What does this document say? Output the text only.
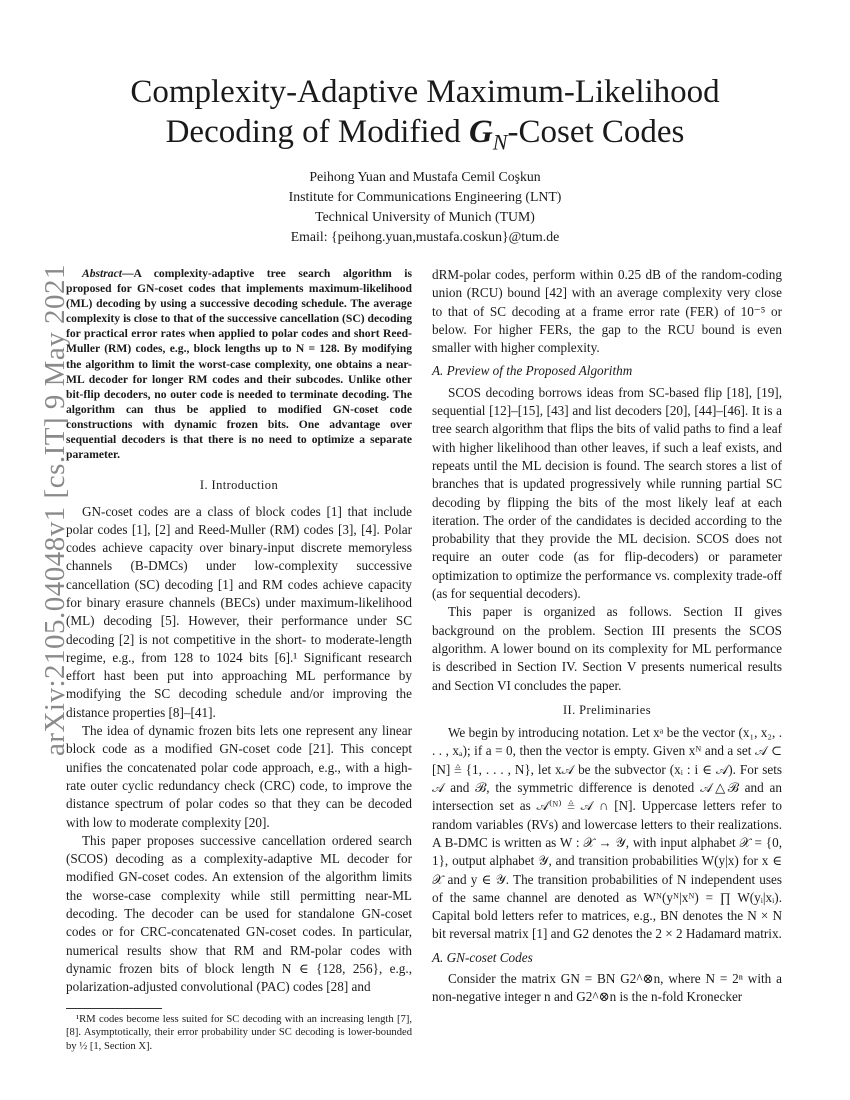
arXiv:2105.04048v1 [cs.IT] 9 May 2021
Complexity-Adaptive Maximum-Likelihood
Decoding of Modified $G_N$-Coset Codes
Peihong Yuan and Mustafa Cemil Coşkun
Institute for Communications Engineering (LNT)
Technical University of Munich (TUM)
Email: {peihong.yuan,mustafa.coskun}@tum.de

Abstract—A complexity-adaptive tree search algorithm is proposed for GN-coset codes that implements maximum-likelihood (ML) decoding by using a successive decoding schedule. The average complexity is close to that of the successive cancellation (SC) decoding for practical error rates when applied to polar codes and short Reed-Muller (RM) codes, e.g., block lengths up to N = 128. By modifying the algorithm to limit the worst-case complexity, one obtains a near-ML decoder for longer RM codes and their subcodes. Unlike other bit-flip decoders, no outer code is needed to terminate decoding. The algorithm can thus be applied to modified GN-coset code constructions with dynamic frozen bits. One advantage over sequential decoders is that there is no need to optimize a separate parameter.

I. Introduction

GN-coset codes are a class of block codes [1] that include polar codes [1], [2] and Reed-Muller (RM) codes [3], [4]. Polar codes achieve capacity over binary-input discrete memoryless channels (B-DMCs) under low-complexity successive cancellation (SC) decoding [1] and RM codes achieve capacity for binary erasure channels (BECs) under maximum-likelihood (ML) decoding [5]. However, their performance under SC decoding [2] is not competitive in the short- to moderate-length regime, e.g., from 128 to 1024 bits [6].¹ Significant research effort hast been put into approaching ML performance by modifying the SC decoding schedule and/or improving the distance properties [8]–[41].

The idea of dynamic frozen bits lets one represent any linear block code as a modified GN-coset code [21]. This concept unifies the concatenated polar code approach, e.g., with a high-rate outer cyclic redundancy check (CRC) code, to improve the distance spectrum of polar codes so that they can be decoded with low to moderate complexity [20].

This paper proposes successive cancellation ordered search (SCOS) decoding as a complexity-adaptive ML decoder for modified GN-coset codes. An extension of the algorithm limits the worse-case complexity while still permitting near-ML decoding. The decoder can be used for standalone GN-coset codes or for CRC-concatenated GN-coset codes. In particular, numerical results show that RM and RM-polar codes with dynamic frozen bits of block length N ∈ {128, 256}, e.g., polarization-adjusted convolutional (PAC) codes [28] and

¹RM codes become less suited for SC decoding with an increasing length [7], [8]. Asymptotically, their error probability under SC decoding is lower-bounded by ½ [1, Section X].

dRM-polar codes, perform within 0.25 dB of the random-coding union (RCU) bound [42] with an average complexity very close to that of SC decoding at a frame error rate (FER) of 10⁻⁵ or below. For higher FERs, the gap to the RCU bound is even smaller with higher complexity.

A. Preview of the Proposed Algorithm

SCOS decoding borrows ideas from SC-based flip [18], [19], sequential [12]–[15], [43] and list decoders [20], [44]–[46]. It is a tree search algorithm that flips the bits of valid paths to find a leaf with higher likelihood than other leaves, if such a leaf exists, and repeats until the ML decision is found. The search stores a list of branches that is updated progressively while running partial SC decoding by flipping the bits of the most likely leaf at each iteration. The order of the candidates is decided according to the probability that they provide the ML decision. SCOS does not require an outer code (as for flip-decoders) or parameter optimization to optimize the performance vs. complexity trade-off (as for sequential decoders).

This paper is organized as follows. Section II gives background on the problem. Section III presents the SCOS algorithm. A lower bound on its complexity for ML performance is described in Section IV. Section V presents numerical results and Section VI concludes the paper.

II. Preliminaries

We begin by introducing notation. Let xᵃ be the vector (x₁, x₂, . . . , xₐ); if a = 0, then the vector is empty. Given xᴺ and a set 𝒜 ⊂ [N] ≜ {1, . . . , N}, let x𝒜 be the subvector (xᵢ : i ∈ 𝒜). For sets 𝒜 and ℬ, the symmetric difference is denoted 𝒜△ℬ and an intersection set as 𝒜⁽ᴺ⁾ ≜ 𝒜 ∩ [N]. Uppercase letters refer to random variables (RVs) and lowercase letters to their realizations. A B-DMC is written as W : 𝒳 → 𝒴, with input alphabet 𝒳 = {0, 1}, output alphabet 𝒴, and transition probabilities W(y|x) for x ∈ 𝒳 and y ∈ 𝒴. The transition probabilities of N independent uses of the same channel are denoted as Wᴺ(yᴺ|xᴺ) = ∏ W(yᵢ|xᵢ). Capital bold letters refer to matrices, e.g., BN denotes the N × N bit reversal matrix [1] and G2 denotes the 2 × 2 Hadamard matrix.

A. GN-coset Codes

Consider the matrix GN = BN G2^⊗n, where N = 2ⁿ with a non-negative integer n and G2^⊗n is the n-fold Kronecker
